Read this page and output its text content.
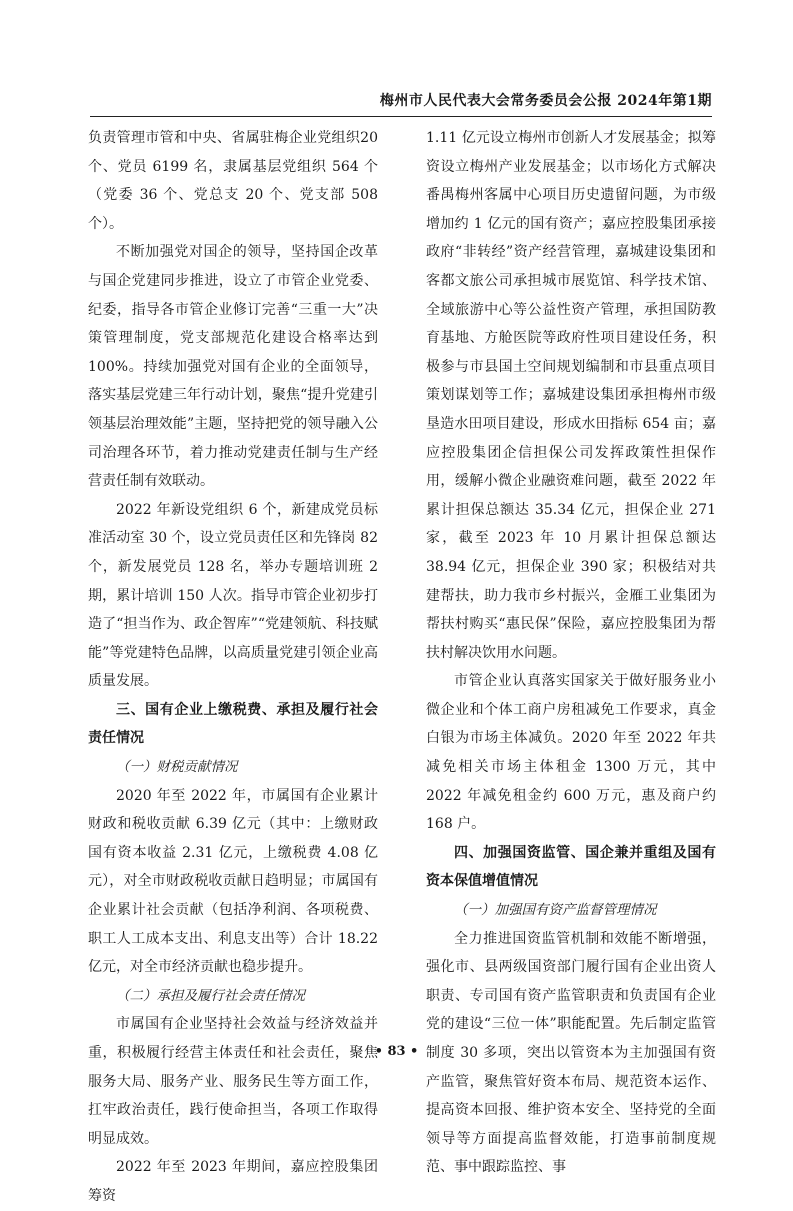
梅州市人民代表大会常务委员会公报 2024年第1期

负责管理市管和中央、省属驻梅企业党组织20个、党员 6199 名，隶属基层党组织 564 个（党委 36 个、党总支 20 个、党支部 508 个）。

不断加强党对国企的领导，坚持国企改革与国企党建同步推进，设立了市管企业党委、纪委，指导各市管企业修订完善“三重一大”决策管理制度，党支部规范化建设合格率达到 100%。持续加强党对国有企业的全面领导，落实基层党建三年行动计划，聚焦“提升党建引领基层治理效能”主题，坚持把党的领导融入公司治理各环节，着力推动党建责任制与生产经营责任制有效联动。

2022 年新设党组织 6 个，新建成党员标准活动室 30 个，设立党员责任区和先锋岗 82 个，新发展党员 128 名，举办专题培训班 2 期，累计培训 150 人次。指导市管企业初步打造了“担当作为、政企智库”“党建领航、科技赋能”等党建特色品牌，以高质量党建引领企业高质量发展。

三、国有企业上缴税费、承担及履行社会责任情况
（一）财税贡献情况

2020 年至 2022 年，市属国有企业累计财政和税收贡献 6.39 亿元（其中：上缴财政国有资本收益 2.31 亿元，上缴税费 4.08 亿元），对全市财政税收贡献日趋明显；市属国有企业累计社会贡献（包括净利润、各项税费、职工人工成本支出、利息支出等）合计 18.22 亿元，对全市经济贡献也稳步提升。

（二）承担及履行社会责任情况

市属国有企业坚持社会效益与经济效益并重，积极履行经营主体责任和社会责任，聚焦服务大局、服务产业、服务民生等方面工作，扛牢政治责任，践行使命担当，各项工作取得明显成效。

2022 年至 2023 年期间，嘉应控股集团筹资

1.11 亿元设立梅州市创新人才发展基金；拟筹资设立梅州产业发展基金；以市场化方式解决番禺梅州客属中心项目历史遗留问题，为市级增加约 1 亿元的国有资产；嘉应控股集团承接政府“非转经”资产经营管理，嘉城建设集团和客都文旅公司承担城市展览馆、科学技术馆、全域旅游中心等公益性资产管理，承担国防教育基地、方舱医院等政府性项目建设任务，积极参与市县国土空间规划编制和市县重点项目策划谋划等工作；嘉城建设集团承担梅州市级垦造水田项目建设，形成水田指标 654 亩；嘉应控股集团企信担保公司发挥政策性担保作用，缓解小微企业融资难问题，截至 2022 年累计担保总额达 35.34 亿元，担保企业 271 家，截至 2023 年 10 月累计担保总额达 38.94 亿元，担保企业 390 家；积极结对共建帮扶，助力我市乡村振兴，金雁工业集团为帮扶村购买“惠民保”保险，嘉应控股集团为帮扶村解决饮用水问题。

市管企业认真落实国家关于做好服务业小微企业和个体工商户房租减免工作要求，真金白银为市场主体减负。2020 年至 2022 年共减免相关市场主体租金 1300 万元，其中 2022 年减免租金约 600 万元，惠及商户约 168 户。

四、加强国资监管、国企兼并重组及国有资本保值增值情况
（一）加强国有资产监督管理情况

全力推进国资监管机制和效能不断增强，强化市、县两级国资部门履行国有企业出资人职责、专司国有资产监管职责和负责国有企业党的建设“三位一体”职能配置。先后制定监管制度 30 多项，突出以管资本为主加强国有资产监管，聚焦管好资本布局、规范资本运作、提高资本回报、维护资本安全、坚持党的全面领导等方面提高监督效能，打造事前制度规范、事中跟踪监控、事

• 83 •
